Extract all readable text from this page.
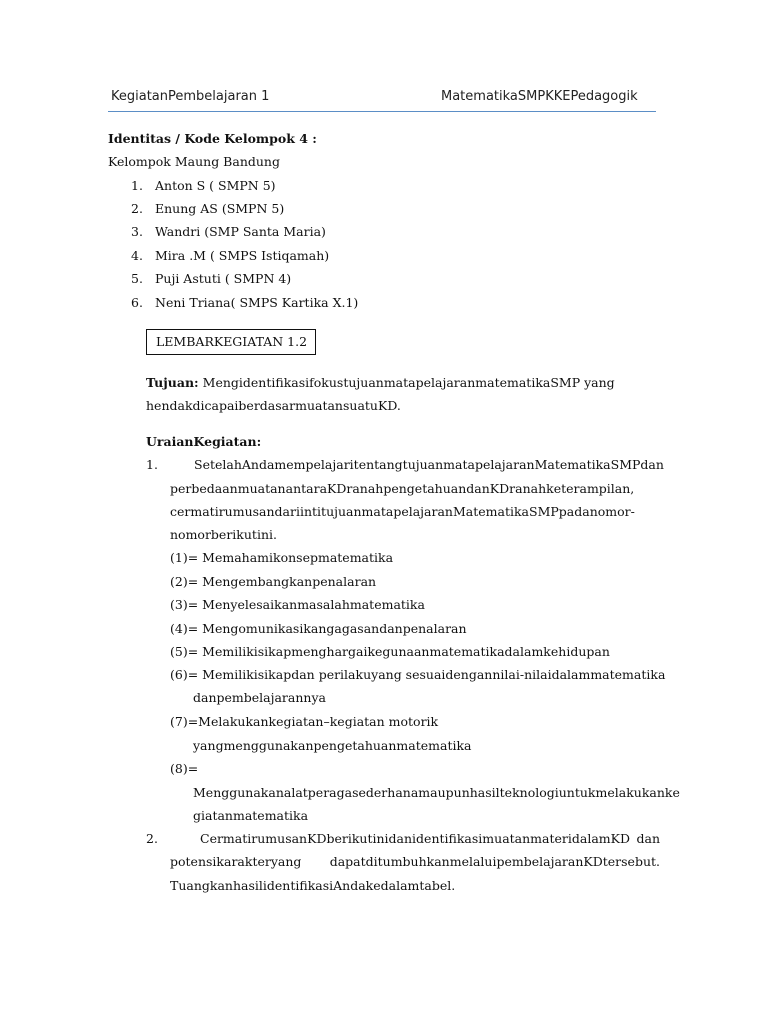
KegiatanPembelajaran 1	MatematikaSMPKKEPedagogik
Identitas / Kode Kelompok 4 :
Kelompok Maung Bandung
1. Anton S ( SMPN 5)
2. Enung AS (SMPN 5)
3. Wandri (SMP Santa Maria)
4. Mira .M ( SMPS Istiqamah)
5. Puji Astuti ( SMPN 4)
6. Neni Triana( SMPS Kartika X.1)
LEMBARKEGIATAN 1.2
Tujuan: MengidentifikasifokustujuanmatapelajaranmatematikaSMP yang
hendakdicapaiberdasarmuatansuatuKD.
UraianKegiatan:
1.	SetelahAndamempelajaritentangtujuanmatapelajaranMatematikaSMP dan
perbedaanmuatanantaraKDranahpengetahuandanKDranahketerampilan,
cermatirumusandariintitujuanmatapelajaranMatematikaSMPpadanomor-
nomorberikutini.
(1)= Memahamikonsepmatematika
(2)= Mengembangkanpenalaran
(3)= Menyelesaikanmasalahmatematika
(4)= Mengomunikasikangagasandanpenalaran
(5)= Memilikisikapmenghargaikegunaanmatematikadalamkehidupan
(6)= Memilikisikapdan perilakuyang sesuaidengannilai-nilaidalammatematika
danpembelajarannya
(7)=Melakukankegiatan–kegiatan motorik
yangmenggunakanpengetahuanmatematika
(8)=
Menggunakanalatperagasederhanamaupunhasilteknologiuntukmelakukanke
giatanmatematika
2.	CermatirumusanKDberikutinidanidentifikasimuatanmateridalamKD dan
potensikarakteryang dapatditumbuhkanmelaluipembelajaranKDtersebut.
TuangkanhasilidentifikasiAndakedalamtabel.
